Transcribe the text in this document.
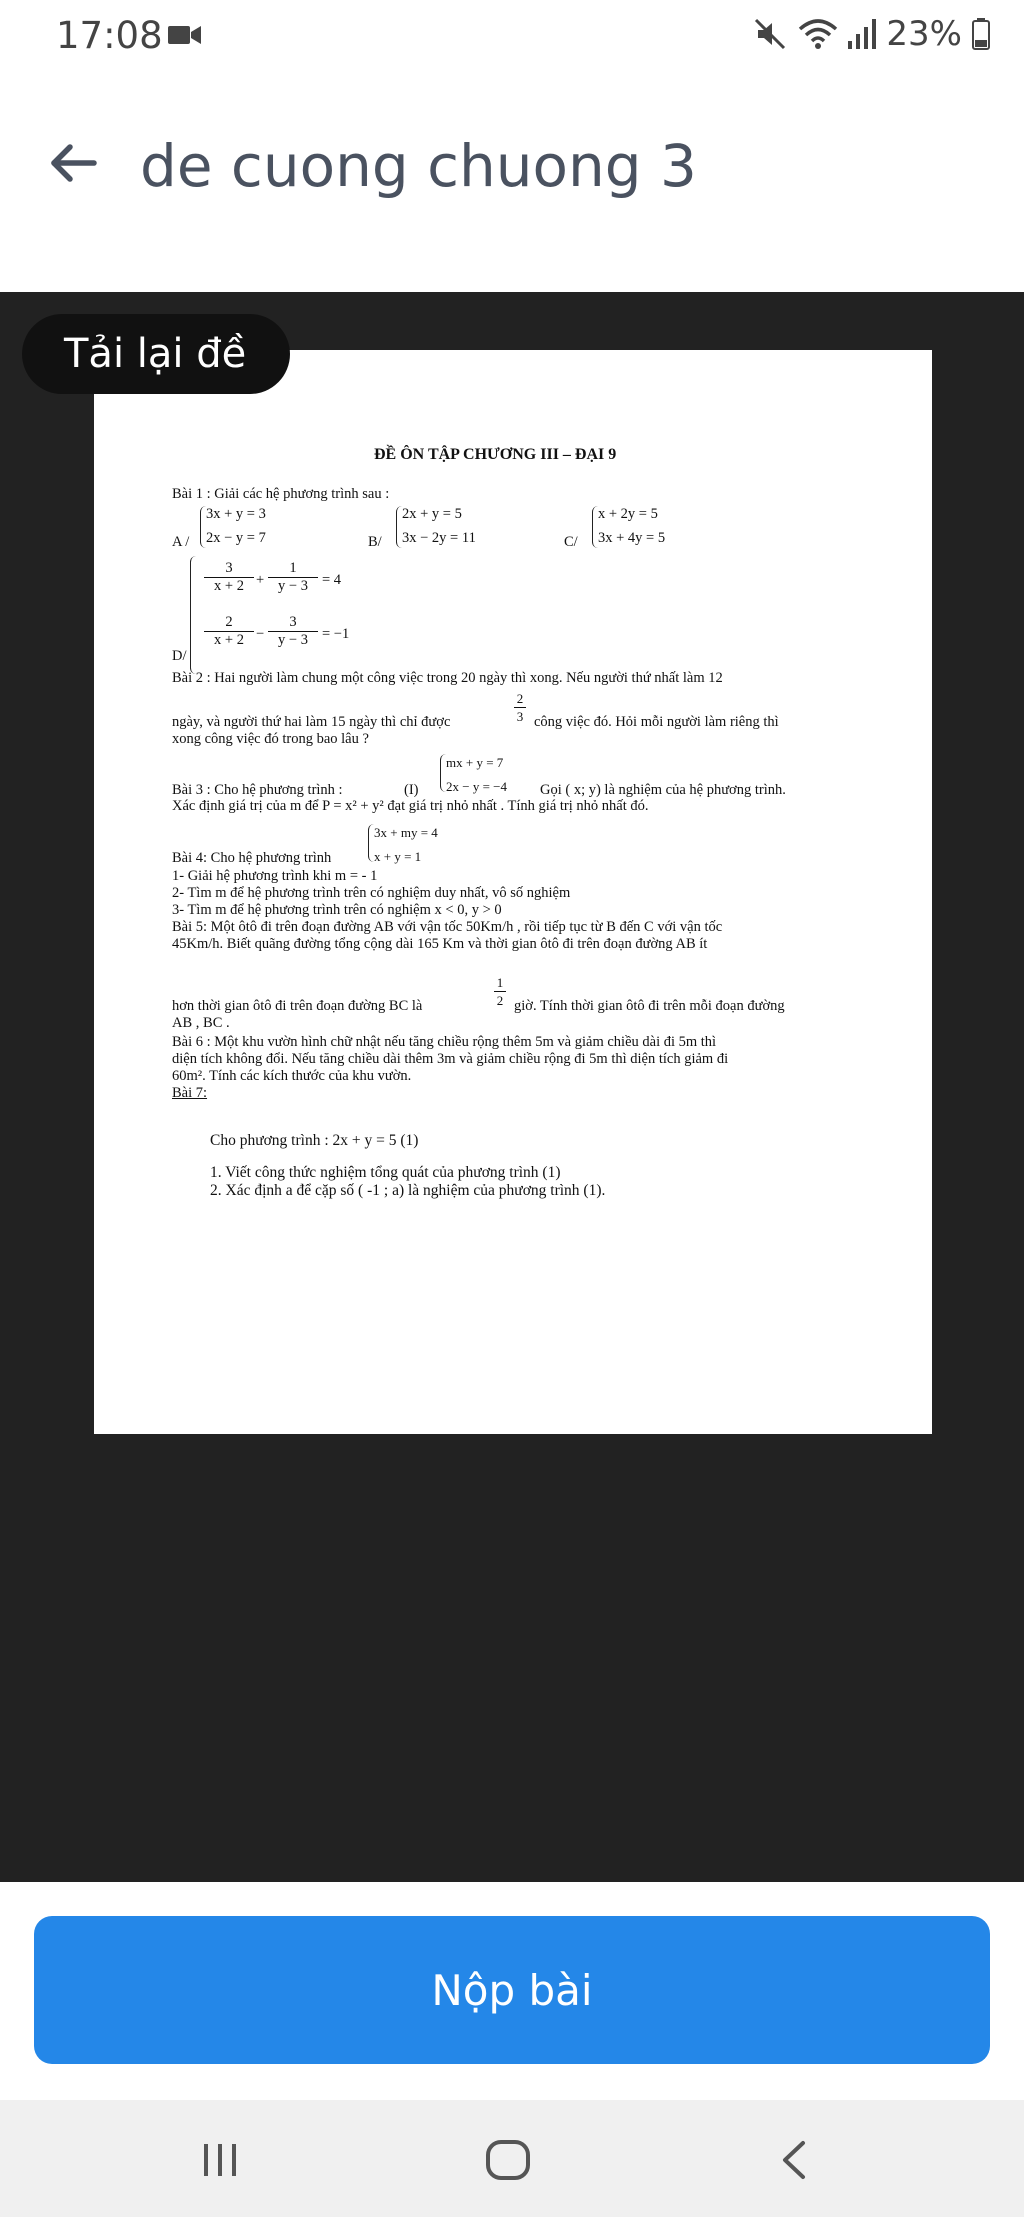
17:08	23%
de cuong chuong 3
Tải lại đề
ĐỀ ÔN TẬP CHƯƠNG III – ĐẠI 9
Bài 1 : Giải các hệ phương trình sau :
A /
3x + y = 3
2x − y = 7	B/
2x + y = 5
3x − 2y = 11	C/
x + 2y = 5
3x + 4y = 5
D/
$\frac{3}{x + 2} + \frac{1}{y - 3} = 4$
$\frac{2}{x + 2} - \frac{3}{y - 3} = -1$
Bài 2 : Hai người làm chung một công việc trong 20 ngày thì xong. Nếu người thứ nhất làm 12
ngày, và người thứ hai làm 15 ngày thì chỉ được	$\frac{2}{3}$ công việc đó. Hỏi mỗi người làm riêng thì
xong công việc đó trong bao lâu ?
mx + y = 7
2x − y = −4
Bài 3 : Cho hệ phương trình :	(I)	Gọi ( x; y) là nghiệm của hệ phương trình.
Xác định giá trị của m để P = x² + y² đạt giá trị nhỏ nhất . Tính giá trị nhỏ nhất đó.
3x + my = 4
x + y = 1
Bài 4: Cho hệ phương trình
1- Giải hệ phương trình khi m = - 1
2- Tìm m để hệ phương trình trên có nghiệm duy nhất, vô số nghiệm
3- Tìm m để hệ phương trình trên có nghiệm x < 0, y > 0
Bài 5: Một ôtô đi trên đoạn đường AB với vận tốc 50Km/h , rồi tiếp tục từ B đến C với vận tốc
45Km/h. Biết quãng đường tổng cộng dài 165 Km và thời gian ôtô đi trên đoạn đường AB ít
hơn thời gian ôtô đi trên đoạn đường BC là	$\frac{1}{2}$ giờ. Tính thời gian ôtô đi trên mỗi đoạn đường
AB , BC .
Bài 6 : Một khu vườn hình chữ nhật nếu tăng chiều rộng thêm 5m và giảm chiều dài đi 5m thì
diện tích không đổi. Nếu tăng chiều dài thêm 3m và giảm chiều rộng đi 5m thì diện tích giảm đi
60m². Tính các kích thước của khu vườn.
Bài 7:
Cho phương trình : 2x + y = 5 (1)
1. Viết công thức nghiệm tổng quát của phương trình (1)
2. Xác định a để cặp số ( -1 ; a) là nghiệm của phương trình (1).
Nộp bài
